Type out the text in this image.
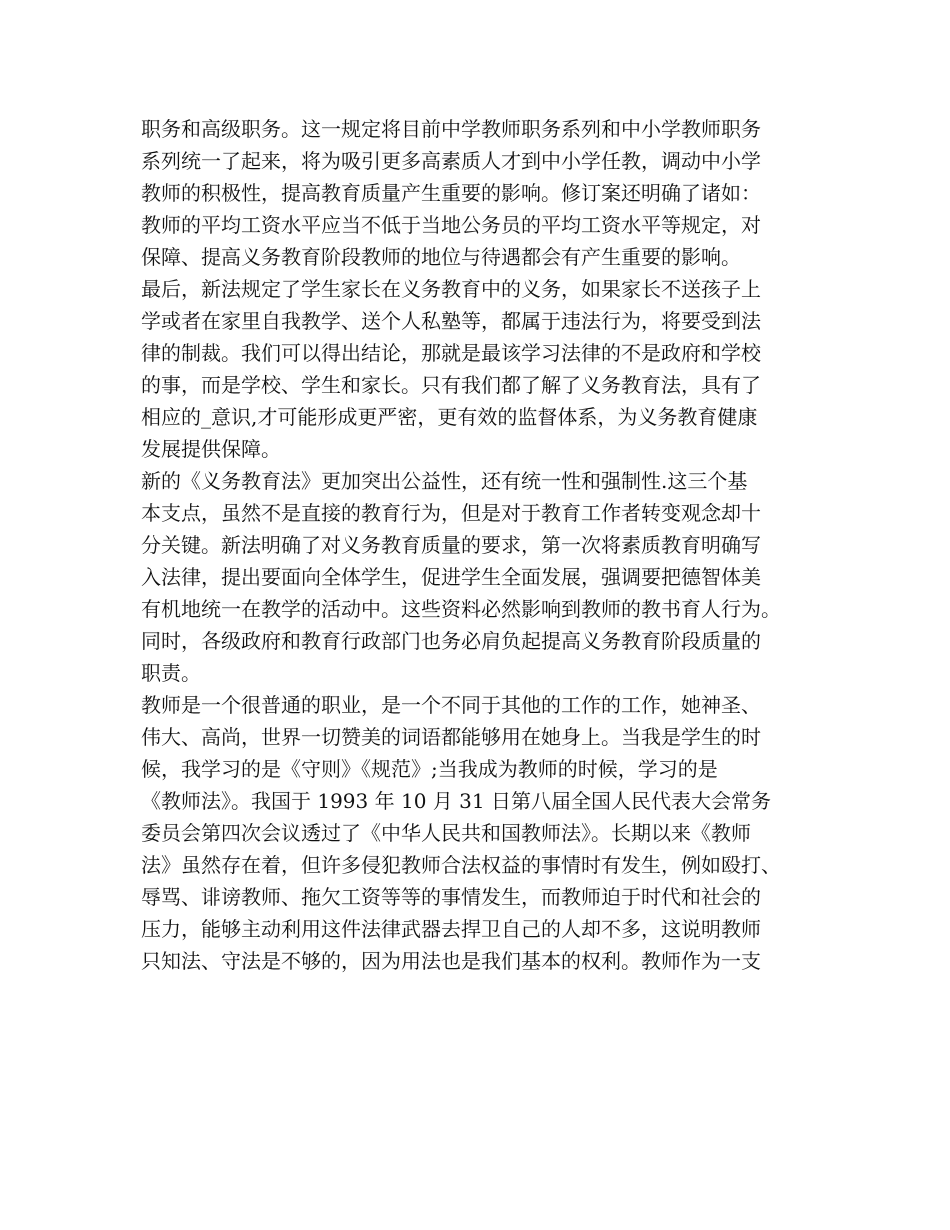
职务和高级职务。这一规定将目前中学教师职务系列和中小学教师职务
系列统一了起来，将为吸引更多高素质人才到中小学任教，调动中小学
教师的积极性，提高教育质量产生重要的影响。修订案还明确了诸如：
教师的平均工资水平应当不低于当地公务员的平均工资水平等规定，对
保障、提高义务教育阶段教师的地位与待遇都会有产生重要的影响。
最后，新法规定了学生家长在义务教育中的义务，如果家长不送孩子上
学或者在家里自我教学、送个人私塾等，都属于违法行为，将要受到法
律的制裁。我们可以得出结论，那就是最该学习法律的不是政府和学校
的事，而是学校、学生和家长。只有我们都了解了义务教育法，具有了
相应的_意识,才可能形成更严密，更有效的监督体系，为义务教育健康
发展提供保障。
新的《义务教育法》更加突出公益性，还有统一性和强制性.这三个基
本支点，虽然不是直接的教育行为，但是对于教育工作者转变观念却十
分关键。新法明确了对义务教育质量的要求，第一次将素质教育明确写
入法律，提出要面向全体学生，促进学生全面发展，强调要把德智体美
有机地统一在教学的活动中。这些资料必然影响到教师的教书育人行为。
同时，各级政府和教育行政部门也务必肩负起提高义务教育阶段质量的
职责。
教师是一个很普通的职业，是一个不同于其他的工作的工作，她神圣、
伟大、高尚，世界一切赞美的词语都能够用在她身上。当我是学生的时
候，我学习的是《守则》《规范》;当我成为教师的时候，学习的是
《教师法》。我国于 1993 年 10 月 31 日第八届全国人民代表大会常务
委员会第四次会议透过了《中华人民共和国教师法》。长期以来《教师
法》虽然存在着，但许多侵犯教师合法权益的事情时有发生，例如殴打、
辱骂、诽谤教师、拖欠工资等等的事情发生，而教师迫于时代和社会的
压力，能够主动利用这件法律武器去捍卫自己的人却不多，这说明教师
只知法、守法是不够的，因为用法也是我们基本的权利。教师作为一支
